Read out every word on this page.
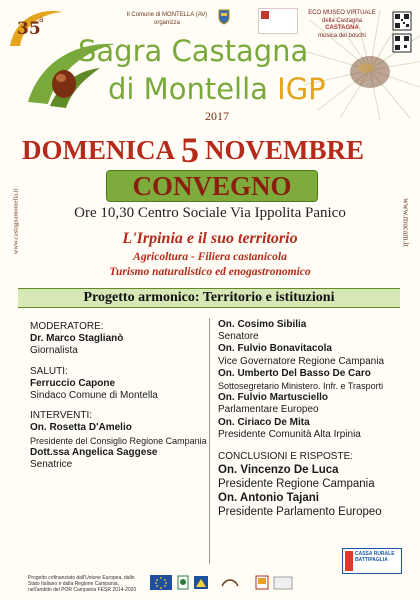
35
a	Il Comune di MONTELLA (AV)
organizza
ECO MUSEO VIRTUALE
della Castagna
CASTAGNA
musica dei boschi
Sagra Castagna
di Montella IGP
2017
DOMENICA 5 NOVEMBRE
www.castagnamontella.it	www.mucam.it
CONVEGNO
Ore 10,30 Centro Sociale Via Ippolita Panico
L'Irpinia e il suo territorio
Agricoltura - Filiera castanicola
Turismo naturalistico ed enogastronomico
Progetto armonico: Territorio e istituzioni
MODERATORE:
Dr. Marco Staglianò
Giornalista
SALUTI:
Ferruccio Capone
Sindaco Comune di Montella
INTERVENTI:
On. Rosetta D'Amelio
Presidente del Consiglio Regione Campania
Dott.ssa Angelica Saggese
Senatrice
On. Cosimo Sibilia
Senatore
On. Fulvio Bonavitacola
Vice Governatore Regione Campania
On. Umberto Del Basso De Caro
Sottosegretario Ministero. Infr. e Trasporti
On. Fulvio Martusciello
Parlamentare Europeo
On. Ciriaco De Mita
Presidente Comunità Alta Irpinia
CONCLUSIONI E RISPOSTE:
On. Vincenzo De Luca
Presidente Regione Campania
On. Antonio Tajani
Presidente Parlamento Europeo
CASSA RURALE
BATTIPAGLIA
Progetto cofinanziato dall'Unione Europea, dallo
Stato Italiano e dalla Regione Campania,
nell'ambito del POR Campania FESR 2014-2020
